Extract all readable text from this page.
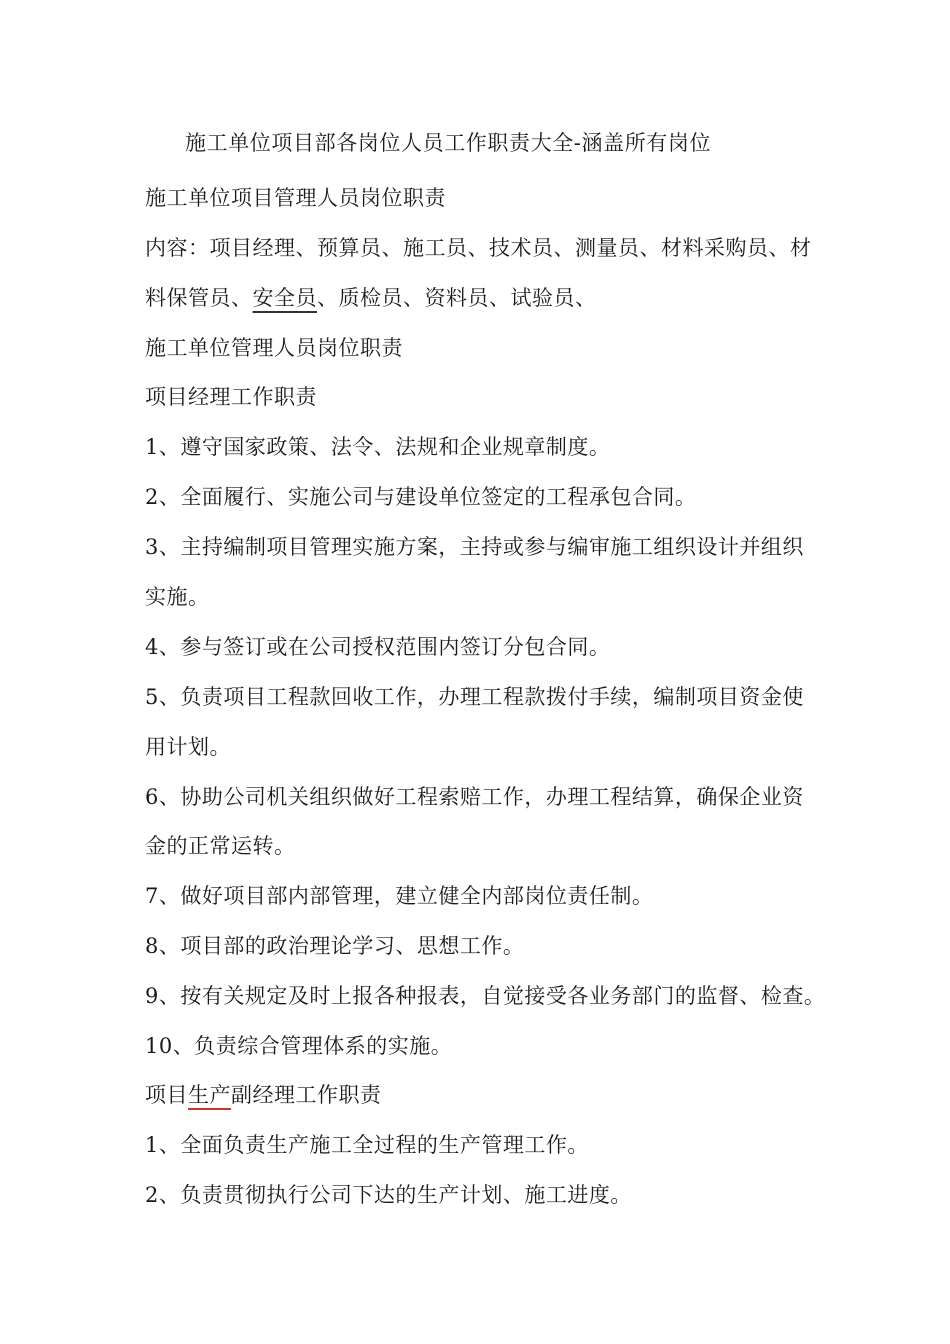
施工单位项目部各岗位人员工作职责大全-涵盖所有岗位
施工单位项目管理人员岗位职责
内容：项目经理、预算员、施工员、技术员、测量员、材料采购员、材
料保管员、安全员、质检员、资料员、试验员、
施工单位管理人员岗位职责
项目经理工作职责
1、遵守国家政策、法令、法规和企业规章制度。
2、全面履行、实施公司与建设单位签定的工程承包合同。
3、主持编制项目管理实施方案，主持或参与编审施工组织设计并组织
实施。
4、参与签订或在公司授权范围内签订分包合同。
5、负责项目工程款回收工作，办理工程款拨付手续，编制项目资金使
用计划。
6、协助公司机关组织做好工程索赔工作，办理工程结算，确保企业资
金的正常运转。
7、做好项目部内部管理，建立健全内部岗位责任制。
8、项目部的政治理论学习、思想工作。
9、按有关规定及时上报各种报表，自觉接受各业务部门的监督、检查。
10、负责综合管理体系的实施。
项目生产副经理工作职责
1、全面负责生产施工全过程的生产管理工作。
2、负责贯彻执行公司下达的生产计划、施工进度。
